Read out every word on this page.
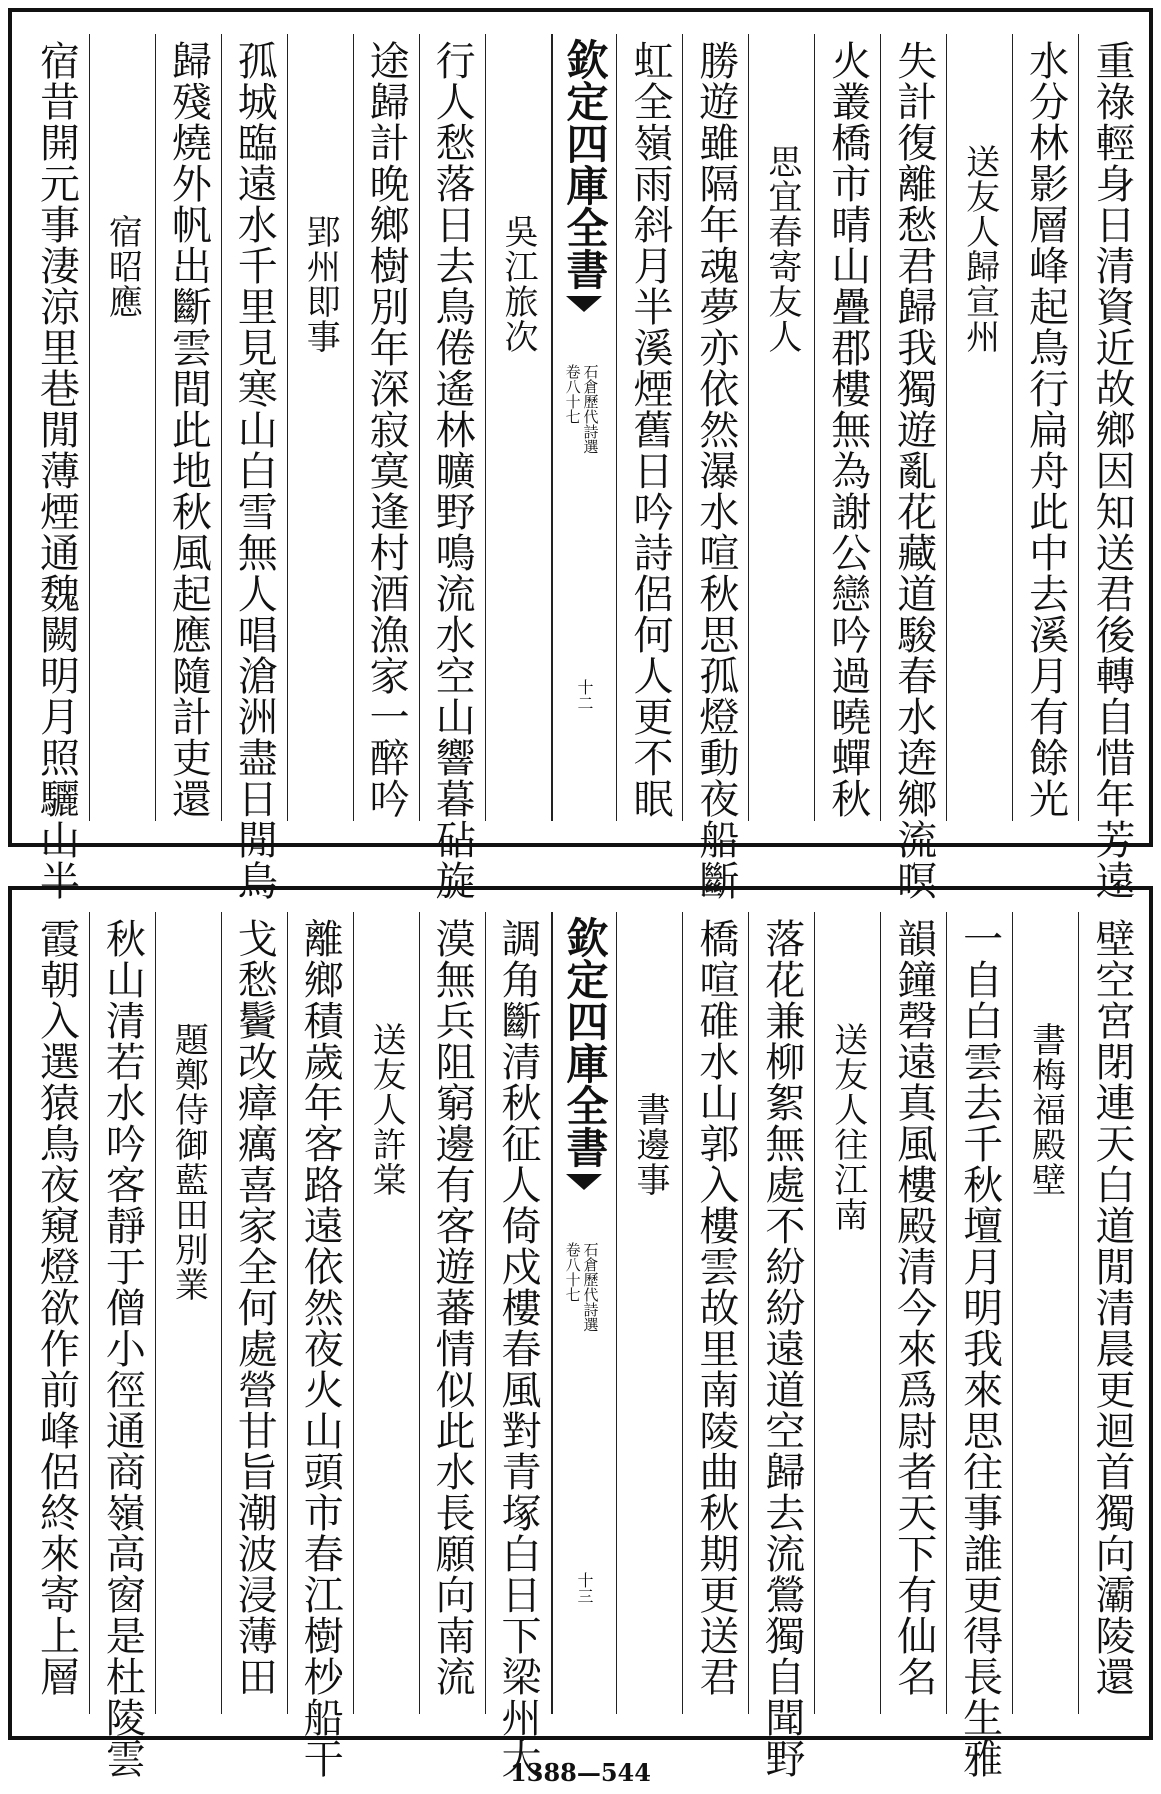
重祿輕身日清資近故鄉因知送君後轉自惜年芳遠
水分林影層峰起鳥行扁舟此中去溪月有餘光
送友人歸宣州
失計復離愁君歸我獨遊亂花藏道駿春水逩鄉流暝
火叢橋市晴山疊郡樓無為謝公戀吟過曉蟬秋
思宜春寄友人
勝遊雖隔年魂夢亦依然瀑水喧秋思孤燈動夜船斷
虹全嶺雨斜月半溪煙舊日吟詩侶何人更不眠
欽定四庫全書
石倉歷代詩選
卷八十七
十二
吳江旅次
行人愁落日去鳥倦遙林曠野鳴流水空山響暮砧旋
途歸計晚鄉樹別年深寂寞逢村酒漁家一醉吟
郢州即事
孤城臨遠水千里見寒山白雪無人唱滄洲盡日閒鳥
歸殘燒外帆出斷雲間此地秋風起應隨計吏還
宿昭應
宿昔開元事淒涼里巷閒薄煙通魏闕明月照驪山半
壁空宮閉連天白道閒清晨更迴首獨向灞陵還
書梅福殿壁
一自白雲去千秋壇月明我來思往事誰更得長生雅
韻鐘磬遠真風樓殿清今來爲尉者天下有仙名
送友人往江南
落花兼柳絮無處不紛紛遠道空歸去流鶯獨自聞野
橋喧碓水山郭入樓雲故里南陵曲秋期更送君
書邊事
欽定四庫全書
石倉歷代詩選
卷八十七
十三
調角斷清秋征人倚戍樓春風對青塚白日下梁州大
漠無兵阻窮邊有客遊蕃情似此水長願向南流
送友人許棠
離鄉積歲年客路遠依然夜火山頭市春江樹杪船干
戈愁鬢改瘴癘喜家全何處營甘旨潮波浸薄田
題鄭侍御藍田別業
秋山清若水吟客靜于僧小徑通商嶺高窗是杜陵雲
霞朝入選猿鳥夜窺燈欲作前峰侶終來寄上層
1388—544
